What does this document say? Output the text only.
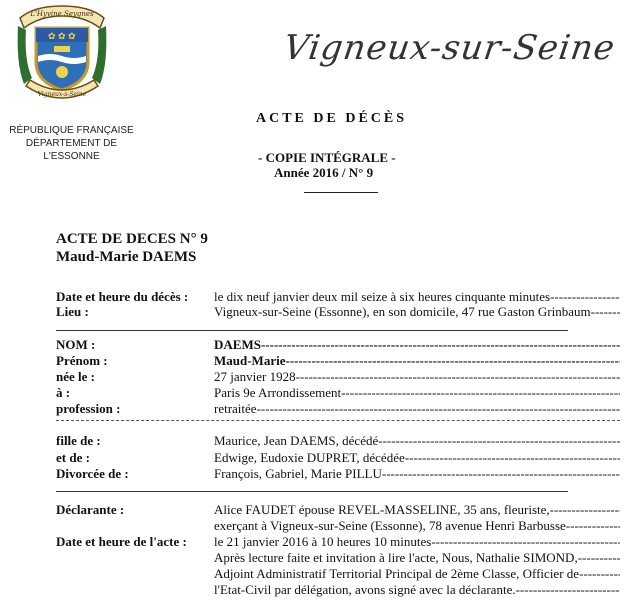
L'Hyvine Seygnes
✿ ✿ ✿
Vigneux-s-Seine
Vigneux-sur-Seine
RÉPUBLIQUE FRANÇAISE
DÉPARTEMENT DE L'ESSONNE
ACTE DE DÉCÈS
- COPIE INTÉGRALE -
Année 2016 / N° 9
ACTE DE DECES N° 9
Maud-Marie DAEMS
Date et heure du décès : le dix neuf janvier deux mil seize à six heures cinquante minutes -----
Lieu :	Vigneux-sur-Seine (Essonne), en son domicile, 47 rue Gaston Grinbaum- -----
NOM :	DAEMS -----
Prénom :	Maud-Marie -----
née le :	27 janvier 1928 -----
à :	Paris 9e Arrondissement -----
profession :	retraitée -----
fille de :	Maurice, Jean DAEMS, décédé -----
et de :	Edwige, Eudoxie DUPRET, décédée -----
Divorcée de :	François, Gabriel, Marie PILLU -----
Déclarante :	Alice FAUDET épouse REVEL-MASSELINE, 35 ans, fleuriste, -----
exerçant à Vigneux-sur-Seine (Essonne), 78 avenue Henri Barbusse -----
Date et heure de l'acte : le 21 janvier 2016 à 10 heures 10 minutes -----
Après lecture faite et invitation à lire l'acte, Nous, Nathalie SIMOND, -----
Adjoint Administratif Territorial Principal de 2ème Classe, Officier de -----
l'Etat-Civil par délégation, avons signé avec la déclarante. -----
